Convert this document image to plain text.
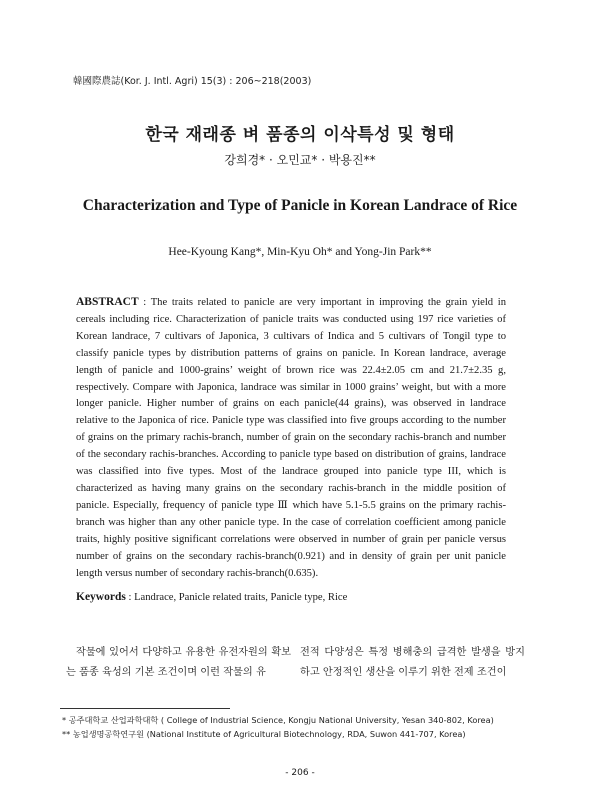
韓國際農誌(Kor. J. Intl. Agri) 15(3) : 206~218(2003)
한국 재래종 벼 품종의 이삭특성 및 형태
강희경* · 오민교* · 박용진**
Characterization and Type of Panicle in Korean Landrace of Rice
Hee-Kyoung Kang*, Min-Kyu Oh* and Yong-Jin Park**
ABSTRACT : The traits related to panicle are very important in improving the grain yield in cereals including rice. Characterization of panicle traits was conducted using 197 rice varieties of Korean landrace, 7 cultivars of Japonica, 3 cultivars of Indica and 5 cultivars of Tongil type to classify panicle types by distribution patterns of grains on panicle. In Korean landrace, average length of panicle and 1000-grains’ weight of brown rice was 22.4±2.05 cm and 21.7±2.35 g, respectively. Compare with Japonica, landrace was similar in 1000 grains’ weight, but with a more longer panicle. Higher number of grains on each panicle(44 grains), was observed in landrace relative to the Japonica of rice. Panicle type was classified into five groups according to the number of grains on the primary rachis-branch, number of grain on the secondary rachis-branch and number of the secondary rachis-branches. According to panicle type based on distribution of grains, landrace was classified into five types. Most of the landrace grouped into panicle type III, which is characterized as having many grains on the secondary rachis-branch in the middle position of panicle. Especially, frequency of panicle type Ⅲ which have 5.1-5.5 grains on the primary rachis-branch was higher than any other panicle type. In the case of correlation coefficient among panicle traits, highly positive significant correlations were observed in number of grain per panicle versus number of grains on the secondary rachis-branch(0.921) and in density of grain per unit panicle length versus number of secondary rachis-branch(0.635).
Keywords : Landrace, Panicle related traits, Panicle type, Rice
작물에 있어서 다양하고 유용한 유전자원의 확보는 품종 육성의 기본 조건이며 이런 작물의 유
전적 다양성은 특정 병해충의 급격한 발생을 방지하고 안정적인 생산을 이루기 위한 전제 조건이
* 공주대학교 산업과학대학 ( College of Industrial Science, Kongju National University, Yesan 340-802, Korea)
** 농업생명공학연구원 (National Institute of Agricultural Biotechnology, RDA, Suwon 441-707, Korea)
- 206 -
